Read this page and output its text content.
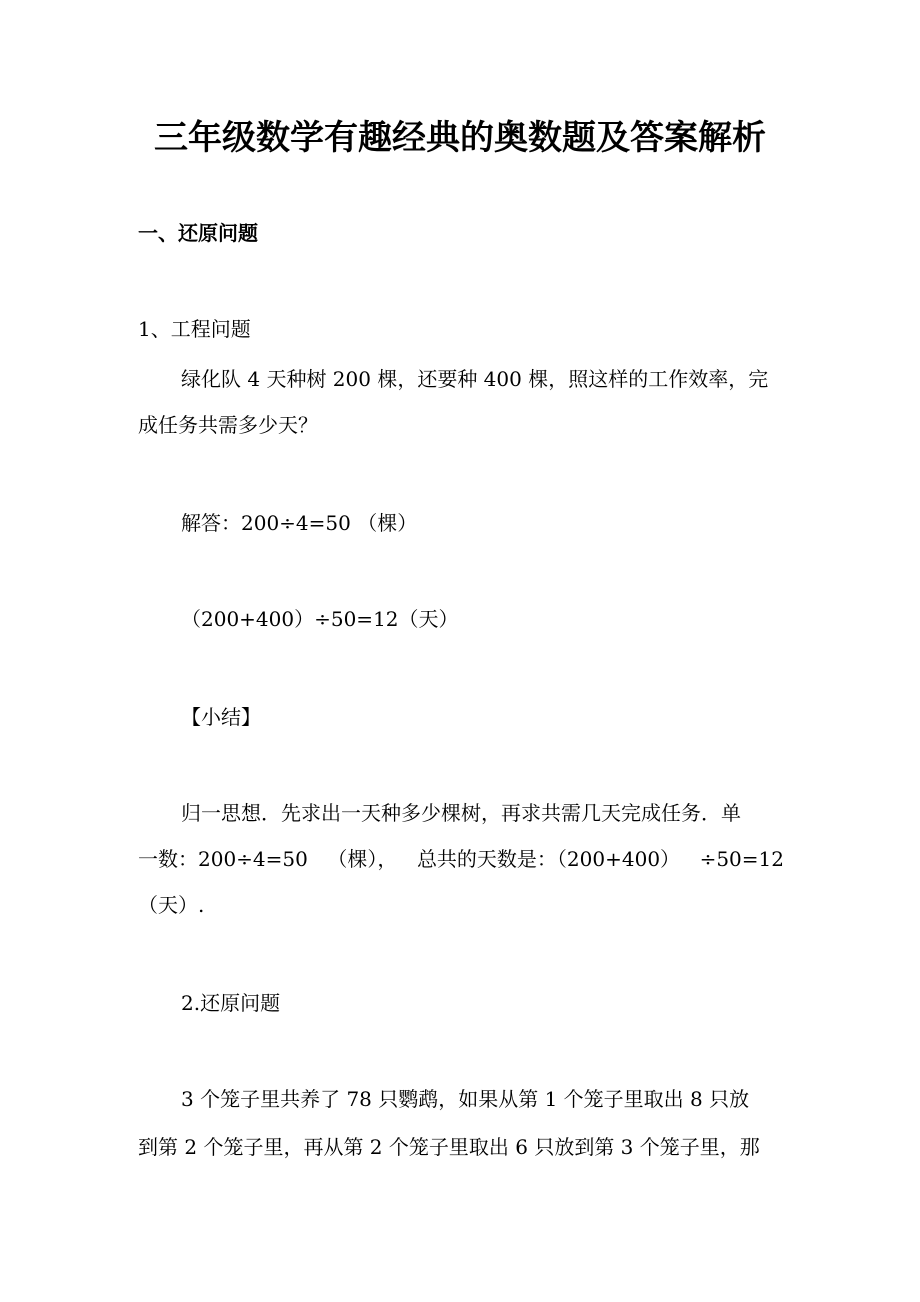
三年级数学有趣经典的奥数题及答案解析
一、还原问题
1、工程问题
绿化队 4 天种树 200 棵，还要种 400 棵，照这样的工作效率，完
成任务共需多少天？
解答：200÷4=50 （棵）
（200+400）÷50=12（天）
【小结】
归一思想．先求出一天种多少棵树，再求共需几天完成任务．单
一数：200÷4=50 （棵）， 总共的天数是：（200+400） ÷50=12
（天）.
2.还原问题
3 个笼子里共养了 78 只鹦鹉，如果从第 1 个笼子里取出 8 只放
到第 2 个笼子里，再从第 2 个笼子里取出 6 只放到第 3 个笼子里，那
